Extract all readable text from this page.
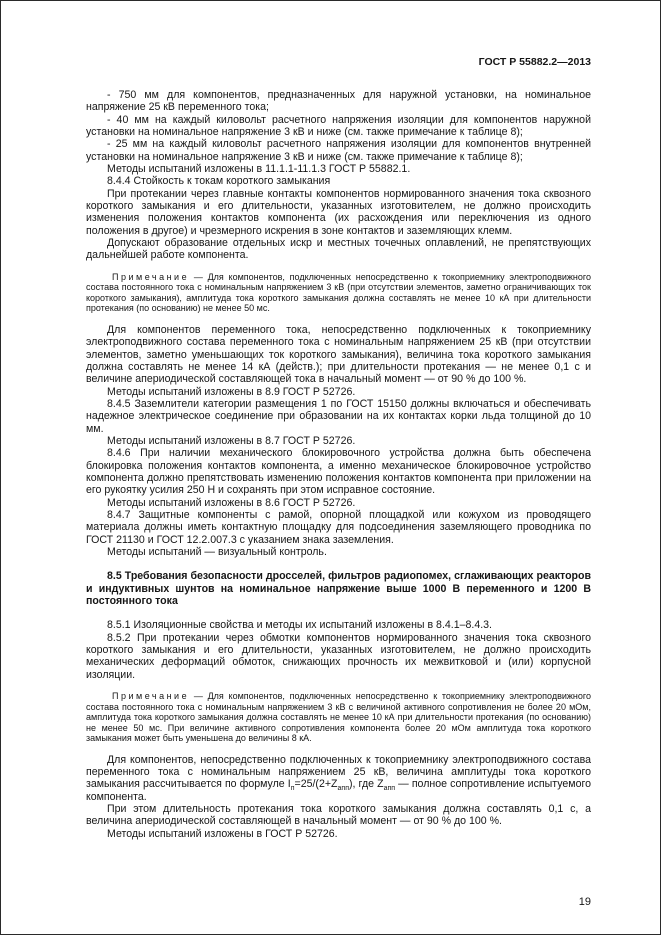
ГОСТ Р 55882.2—2013

- 750 мм для компонентов, предназначенных для наружной установки, на номинальное напряжение 25 кВ переменного тока;

- 40 мм на каждый киловольт расчетного напряжения изоляции для компонентов наружной установки на номинальное напряжение 3 кВ и ниже (см. также примечание к таблице 8);

- 25 мм на каждый киловольт расчетного напряжения изоляции для компонентов внутренней установки на номинальное напряжение 3 кВ и ниже (см. также примечание к таблице 8);

Методы испытаний изложены в 11.1.1-11.1.3 ГОСТ Р 55882.1.

8.4.4 Стойкость к токам короткого замыкания

При протекании через главные контакты компонентов нормированного значения тока сквозного короткого замыкания и его длительности, указанных изготовителем, не должно происходить изменения положения контактов компонента (их расхождения или переключения из одного положения в другое) и чрезмерного искрения в зоне контактов и заземляющих клемм.

Допускают образование отдельных искр и местных точечных оплавлений, не препятствующих дальнейшей работе компонента.

Примечание — Для компонентов, подключенных непосредственно к токоприемнику электроподвижного состава постоянного тока с номинальным напряжением 3 кВ (при отсутствии элементов, заметно ограничивающих ток короткого замыкания), амплитуда тока короткого замыкания должна составлять не менее 10 кА при длительности протекания (по основанию) не менее 50 мс.

Для компонентов переменного тока, непосредственно подключенных к токоприемнику электроподвижного состава переменного тока с номинальным напряжением 25 кВ (при отсутствии элементов, заметно уменьшающих ток короткого замыкания), величина тока короткого замыкания должна составлять не менее 14 кА (действ.); при длительности протекания — не менее 0,1 с и величине апериодической составляющей тока в начальный момент — от 90 % до 100 %.

Методы испытаний изложены в 8.9 ГОСТ Р 52726.

8.4.5 Заземлители категории размещения 1 по ГОСТ 15150 должны включаться и обеспечивать надежное электрическое соединение при образовании на их контактах корки льда толщиной до 10 мм.

Методы испытаний изложены в 8.7 ГОСТ Р 52726.

8.4.6 При наличии механического блокировочного устройства должна быть обеспечена блокировка положения контактов компонента, а именно механическое блокировочное устройство компонента должно препятствовать изменению положения контактов компонента при приложении на его рукоятку усилия 250 Н и сохранять при этом исправное состояние.

Методы испытаний изложены в 8.6 ГОСТ Р 52726.

8.4.7 Защитные компоненты с рамой, опорной площадкой или кожухом из проводящего материала должны иметь контактную площадку для подсоединения заземляющего проводника по ГОСТ 21130 и ГОСТ 12.2.007.3 с указанием знака заземления.

Методы испытаний — визуальный контроль.

8.5 Требования безопасности дросселей, фильтров радиопомех, сглаживающих реакторов и индуктивных шунтов на номинальное напряжение выше 1000 В переменного и 1200 В постоянного тока

8.5.1 Изоляционные свойства и методы их испытаний изложены в 8.4.1–8.4.3.

8.5.2 При протекании через обмотки компонентов нормированного значения тока сквозного короткого замыкания и его длительности, указанных изготовителем, не должно происходить механических деформаций обмоток, снижающих прочность их межвитковой и (или) корпусной изоляции.

Примечание — Для компонентов, подключенных непосредственно к токоприемнику электроподвижного состава постоянного тока с номинальным напряжением 3 кВ с величиной активного сопротивления не более 20 мОм, амплитуда тока короткого замыкания должна составлять не менее 10 кА при длительности протекания (по основанию) не менее 50 мс. При величине активного сопротивления компонента более 20 мОм амплитуда тока короткого замыкания может быть уменьшена до величины 8 кА.

Для компонентов, непосредственно подключенных к токоприемнику электроподвижного состава переменного тока с номинальным напряжением 25 кВ, величина амплитуды тока короткого замыкания рассчитывается по формуле $I_п=25/(2+Z_{апп})$, где $Z_{апп}$ — полное сопротивление испытуемого компонента.

При этом длительность протекания тока короткого замыкания должна составлять 0,1 с, а величина апериодической составляющей в начальный момент — от 90 % до 100 %.

Методы испытаний изложены в ГОСТ Р 52726.

19
